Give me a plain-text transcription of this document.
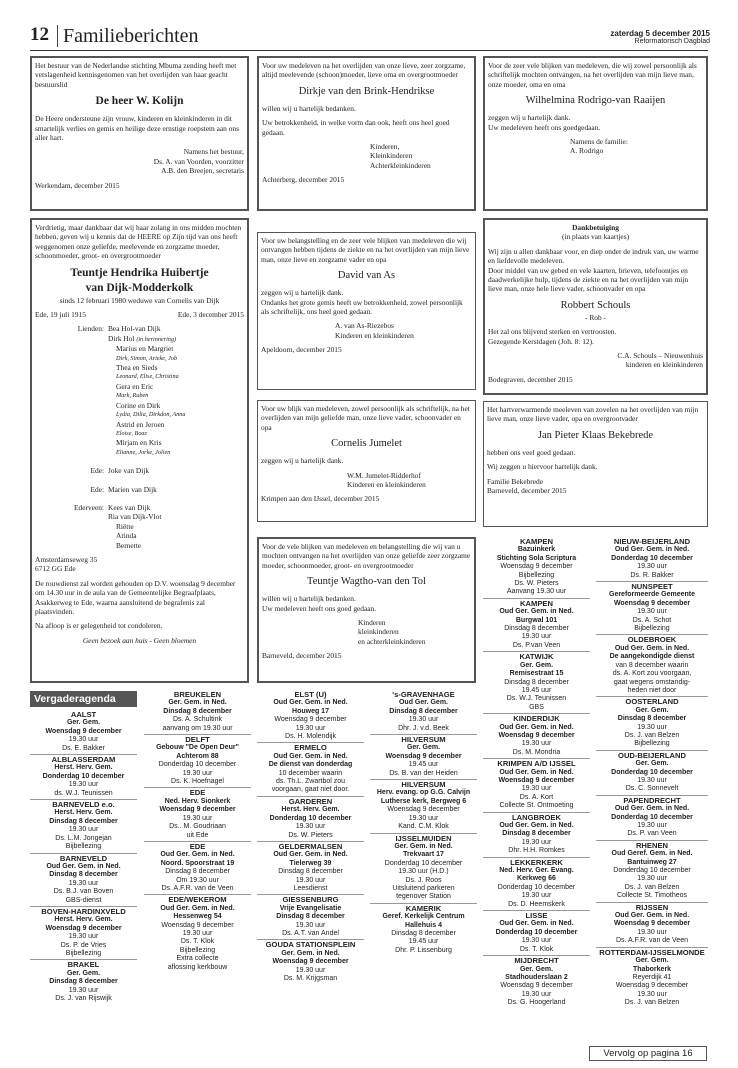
12 Familieberichten	zaterdag 5 december 2015
Reformatorisch Dagblad

Het bestuur van de Nederlandse stichting Mbuma zending heeft met verslagenheid kennisgenomen van het overlijden van haar geacht bestuurslid

De heer W. Kolijn

De Heere ondersteune zijn vrouw, kinderen en kleinkinderen in dit smartelijk verlies en gemis en heilige deze ernstige roepstem aan ons aller hart.

Namens het bestuur,

Ds. A. van Voorden, voorzitter

A.B. den Breejen, secretaris

Werkendam, december 2015

Voor uw medeleven na het overlijden van onze lieve, zeer zorgzame, altijd meelevende (schoon)moeder, lieve oma en overgrootmoeder

Dirkje van den Brink-Hendrikse

willen wij u hartelijk bedanken.

Uw betrokkenheid, in welke vorm dan ook, heeft ons heel goed gedaan.

Kinderen,

Kleinkinderen

Achterkleinkinderen

Achterberg, december 2015

Voor de zeer vele blijken van medeleven, die wij zowel persoonlijk als schriftelijk mochten ontvangen, na het overlijden van mijn lieve man, onze moeder, oma en oma

Wilhelmina Rodrigo-van Raaijen

zeggen wij u hartelijk dank.

Uw medeleven heeft ons goedgedaan.

Namens de familie:

A. Rodrigo

Verdrietig, maar dankbaar dat wij haar zolang in ons midden mochten hebben, geven wij u kennis dat de HEERE op Zijn tijd van ons heeft weggenomen onze geliefde, meelevende en zorgzame moeder, schoonmoeder, groot- en overgrootmoeder

Teuntje Hendrika Huibertje

van Dijk-Modderkolk

sinds 12 februari 1980 weduwe van Cornelis van Dijk

Ede, 19 juli 1915	Ede, 3 december 2015
Lienden: Bea Hol-van Dijk

Dirk Hol (in herinnering)

Marius en Margriet

Dirk, Simon, Arieke, Job

Thea en Sieds

Leonard, Elise, Christina

Gera en Eric

Mark, Ruben

Corine en Dirk

Lydia, Dilia, Dirkdon, Anna

Astrid en Jeroen

Eloise, Boaz

Mirjam en Kris

Elianne, Jorke, Jolien

Ede: Joke van Dijk
Ede: Marien van Dijk
Ederveen: Kees van Dijk

Ria van Dijk-Vlot

Riëtte

Arinda

Bernette

Amsterdamseweg 35

6712 GG Ede

De rouwdienst zal worden gehouden op D.V. woensdag 9 december om 14.30 uur in de aula van de Gemeentelijke Begraafplaats, Asakkerweg te Ede, waarna aansluitend de begrafenis zal plaatsvinden.

Na afloop is er gelegenheid tot condoleren.

Geen bezoek aan huis - Geen bloemen

Voor uw belangstelling en de zeer vele blijken van medeleven die wij ontvangen hebben tijdens de ziekte en na het overlijden van mijn lieve man, onze lieve en zorgzame vader en opa

David van As

zeggen wij u hartelijk dank.

Ondanks het grote gemis heeft uw betrokkenheid, zowel persoonlijk als schriftelijk, ons heel goed gedaan.

A. van As-Riezebos

Kinderen en kleinkinderen

Apeldoorn, december 2015

Dankbetuiging

(in plaats van kaartjes)

Wij zijn u allen dankbaar voor, en diep onder de indruk van, uw warme en liefdevolle medeleven.

Door middel van uw gebed en vele kaarten, brieven, telefoontjes en daadwerkelijke hulp, tijdens de ziekte en na het overlijden van mijn lieve man, onze hele lieve vader, schoonvader en opa

Robbert Schouls

- Rob -

Het zal ons blijvend sterken en vertroosten.

Gezegende Kerstdagen (Joh. 8: 12).

C.A. Schouls – Nieuwenhuis

kinderen en kleinkinderen

Bodegraven, december 2015

Voor uw blijk van medeleven, zowel persoonlijk als schriftelijk, na het overlijden van mijn geliefde man, onze lieve vader, schoonvader en opa

Cornelis Jumelet

zeggen wij u hartelijk dank.

W.M. Jumelet-Ridderhof

Kinderen en kleinkinderen

Krimpen aan den IJssel, december 2015

Het hartverwarmende meeleven van zovelen na het overlijden van mijn lieve man, onze lieve vader, opa en overgrootvader

Jan Pieter Klaas Bekebrede

hebben ons veel goed gedaan.

Wij zeggen u hiervoor hartelijk dank.

Familie Bekebrede

Barneveld, december 2015

Voor de vele blijken van medeleven en belangstelling die wij van u mochten ontvangen na het overlijden van onze geliefde zeer zorgzame moeder, schoonmoeder, groot- en overgrootmoeder

Teuntje Wagtho-van den Tol

willen wij u hartelijk bedanken.

Uw medeleven heeft ons goed gedaan.

Kinderen

kleinkinderen

en achterkleinkinderen

Barneveld, december 2015

Vergaderagenda
AALST
Ger. Gem.
Woensdag 9 december
19.30 uur
Ds. E. Bakker
ALBLASSERDAM
Herst. Herv. Gem.
Donderdag 10 december
19.30 uur
ds. W.J. Teunissen
BARNEVELD e.o.
Herst. Herv. Gem.
Dinsdag 8 december
19.30 uur
Ds. L.M. Jongejan
Bijbellezing
BARNEVELD
Oud Ger. Gem. in Ned.
Dinsdag 8 december
19.30 uur
Ds. B.J. van Boven
GBS-dienst
BOVEN-HARDINXVELD
Herst. Herv. Gem.
Woensdag 9 december
19.30 uur
Ds. P. de Vries
Bijbellezing
BRAKEL
Ger. Gem.
Dinsdag 8 december
19.30 uur
Ds. J. van Rijswijk
BREUKELEN
Ger. Gem. in Ned.
Dinsdag 8 december
Ds. A. Schultink
aanvang om 19.30 uur
DELFT
Gebouw "De Open Deur"
Achterom 88
Donderdag 10 december
19.30 uur
Ds. K. Hoefnagel
EDE
Ned. Herv. Sionkerk
Woensdag 9 december
19.30 uur
Ds.. M. Goudriaan
uit Ede
EDE
Oud Ger. Gem. in Ned.
Noord. Spoorstraat 19
Dinsdag 8 december
Om 19.30 uur
Ds. A.F.R. van de Veen
EDE/WEKEROM
Oud Ger. Gem. in Ned.
Hessenweg 54
Woensdag 9 december
19.30 uur
Ds. T. Klok
Bijbellezing
Extra collecte
aflossing kerkbouw
ELST (U)
Oud Ger. Gem. in Ned.
Houweg 17
Woensdag 9 december
19.30 uur
Ds. H. Molendijk
ERMELO
Oud Ger. Gem. in Ned.
De dienst van donderdag
10 december waarin
ds. Th.L. Zwartbol zou
voorgaan, gaat niet door.
GARDEREN
Herst. Herv. Gem.
Donderdag 10 december
19.30 uur
Ds. W. Pieters
GELDERMALSEN
Oud Ger. Gem. in Ned.
Tielerweg 39
Dinsdag 8 december
19.30 uur
Leesdienst
GIESSENBURG
Vrije Evangelisatie
Dinsdag 8 december
19.30 uur
Ds. A.T. van Andel
GOUDA STATIONSPLEIN
Ger. Gem. in Ned.
Woensdag 9 december
19.30 uur
Ds. M. Krijgsman
's-GRAVENHAGE
Oud Ger. Gem.
Dinsdag 8 december
19.30 uur
Dhr. J. v.d. Beek
HILVERSUM
Ger. Gem.
Woensdag 9 december
19.45 uur
Ds. B. van der Heiden
HILVERSUM
Herv. evang. op G.G. Calvijn
Lutherse kerk, Bergweg 6
Woensdag 9 december
19.30 uur
Kand. C.M. Klok
IJSSELMUIDEN
Ger. Gem. in Ned.
Trekvaart 17
Donderdag 10 december
19.30 uur (H.D.)
Ds. J. Roos
Uitsluitend parkeren
tegenover Station
KAMERIK
Geref. Kerkelijk Centrum
Hallehuis 4
Dinsdag 8 december
19.45 uur
Dhr. P. Lissenburg
KAMPEN
Bazuinkerk
Stichting Sola Scriptura
Woensdag 9 december
Bijbellezing
Ds. W. Pieters
Aanvang 19.30 uur
KAMPEN
Oud Ger. Gem. in Ned.
Burgwal 101
Dinsdag 8 december
19.30 uur
Ds. P.van Veen
KATWIJK
Ger. Gem.
Remisestraat 15
Dinsdag 8 december
19.45 uur
Ds. W.J. Teunissen
GBS
KINDERDIJK
Oud Ger. Gem. in Ned.
Woensdag 9 december
19.30 uur
Ds. M. Mondria
KRIMPEN A/D IJSSEL
Oud Ger. Gem. in Ned.
Woensdag 9 december
19.30 uur
Ds. A. Kort
Collecte St. Ontmoeting
LANGBROEK
Oud Ger. Gem. in Ned.
Dinsdag 8 december
19.30 uur
Dhr. H.H. Romkes
LEKKERKERK
Ned. Herv. Ger. Evang.
Kerkweg 66
Donderdag 10 december
19.30 uur
Ds. D. Heemskerk
LISSE
Oud Ger. Gem. in Ned.
Donderdag 10 december
19.30 uur
Ds. T. Klok
MIJDRECHT
Ger. Gem.
Stadhouderslaan 2
Woensdag 9 december
19.30 uur
Ds. G. Hoogerland
NIEUW-BEIJERLAND
Oud Ger. Gem. in Ned.
Donderdag 10 december
19.30 uur
Ds. R. Bakker
NUNSPEET
Gereformeerde Gemeente
Woensdag 9 december
19.30 uur
Ds. A. Schot
Bijbellezing
OLDEBROEK
Oud Ger. Gem. in Ned.
De aangekondigde dienst
van 8 december waarin
ds. A. Kort zou voorgaan,
gaat wegens omstandig-
heden niet door
OOSTERLAND
Ger. Gem.
Dinsdag 8 december
19.30 uur
Ds. J. van Belzen
Bijbellezing
OUD-BEIJERLAND
Ger. Gem.
Donderdag 10 december
19.30 uur
Ds. C. Sonnevelt
PAPENDRECHT
Oud Ger. Gem. in Ned.
Donderdag 10 december
19.30 uur
Ds. P. van Veen
RHENEN
Oud Geref. Gem. in Ned.
Bantuinweg 27
Donderdag 10 december
19.30 uur
Ds. J. van Belzen
Collecte St. Timotheos
RIJSSEN
Oud Ger. Gem. in Ned.
Woensdag 9 december
19.30 uur
Ds. A.F.R. van de Veen
ROTTERDAM-IJSSELMONDE
Ger. Gem.
Thaborkerk
Reyerdijk 41
Woensdag 9 december
19.30 uur
Ds. J. van Belzen
Vervolg op pagina 16
